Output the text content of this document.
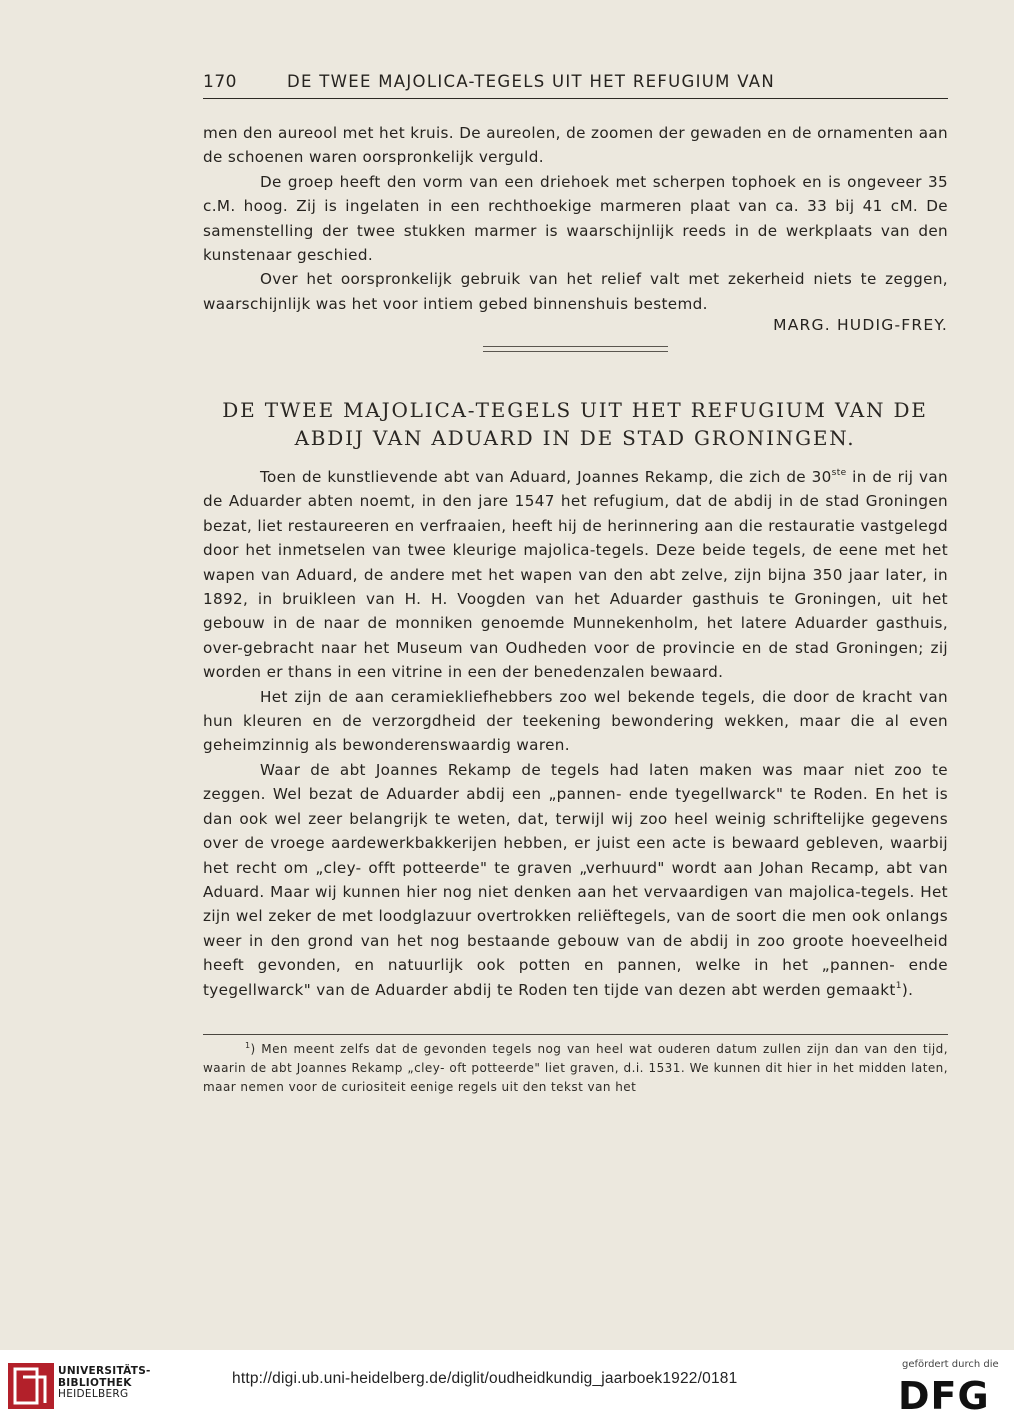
170	DE TWEE MAJOLICA-TEGELS UIT HET REFUGIUM VAN

men den aureool met het kruis. De aureolen, de zoomen der gewaden en de ornamenten aan de schoenen waren oorspronkelijk verguld.

De groep heeft den vorm van een driehoek met scherpen tophoek en is ongeveer 35 c.M. hoog. Zij is ingelaten in een rechthoekige marmeren plaat van ca. 33 bij 41 cM. De samenstelling der twee stukken marmer is waarschijnlijk reeds in de werkplaats van den kunstenaar geschied.

Over het oorspronkelijk gebruik van het relief valt met zekerheid niets te zeggen, waarschijnlijk was het voor intiem gebed binnenshuis bestemd.

MARG. HUDIG-FREY.
DE TWEE MAJOLICA-TEGELS UIT HET REFUGIUM VAN DE
ABDIJ VAN ADUARD IN DE STAD GRONINGEN.

Toen de kunstlievende abt van Aduard, Joannes Rekamp, die zich de 30ste in de rij van de Aduarder abten noemt, in den jare 1547 het refugium, dat de abdij in de stad Groningen bezat, liet restaureeren en verfraaien, heeft hij de herinnering aan die restauratie vastgelegd door het inmetselen van twee kleurige majolica-tegels. Deze beide tegels, de eene met het wapen van Aduard, de andere met het wapen van den abt zelve, zijn bijna 350 jaar later, in 1892, in bruikleen van H. H. Voogden van het Aduarder gasthuis te Groningen, uit het gebouw in de naar de monniken genoemde Munnekenholm, het latere Aduarder gasthuis, over-gebracht naar het Museum van Oudheden voor de provincie en de stad Groningen; zij worden er thans in een vitrine in een der benedenzalen bewaard.

Het zijn de aan ceramiekliefhebbers zoo wel bekende tegels, die door de kracht van hun kleuren en de verzorgdheid der teekening bewondering wekken, maar die al even geheimzinnig als bewonderenswaardig waren.

Waar de abt Joannes Rekamp de tegels had laten maken was maar niet zoo te zeggen. Wel bezat de Aduarder abdij een „pannen- ende tyegellwarck" te Roden. En het is dan ook wel zeer belangrijk te weten, dat, terwijl wij zoo heel weinig schriftelijke gegevens over de vroege aardewerkbakkerijen hebben, er juist een acte is bewaard gebleven, waarbij het recht om „cley- offt potteerde" te graven „verhuurd" wordt aan Johan Recamp, abt van Aduard. Maar wij kunnen hier nog niet denken aan het vervaardigen van majolica-tegels. Het zijn wel zeker de met loodglazuur overtrokken reliëftegels, van de soort die men ook onlangs weer in den grond van het nog bestaande gebouw van de abdij in zoo groote hoeveelheid heeft gevonden, en natuurlijk ook potten en pannen, welke in het „pannen- ende tyegellwarck" van de Aduarder abdij te Roden ten tijde van dezen abt werden gemaakt$^1$).

$^1$) Men meent zelfs dat de gevonden tegels nog van heel wat ouderen datum zullen zijn dan van den tijd, waarin de abt Joannes Rekamp „cley- oft potteerde" liet graven, d.i. 1531. We kunnen dit hier in het midden laten, maar nemen voor de curiositeit eenige regels uit den tekst van het

UNIVERSITÄTS-
BIBLIOTHEK
HEIDELBERG
http://digi.ub.uni-heidelberg.de/diglit/oudheidkundig_jaarboek1922/0181
gefördert durch die
DFG
